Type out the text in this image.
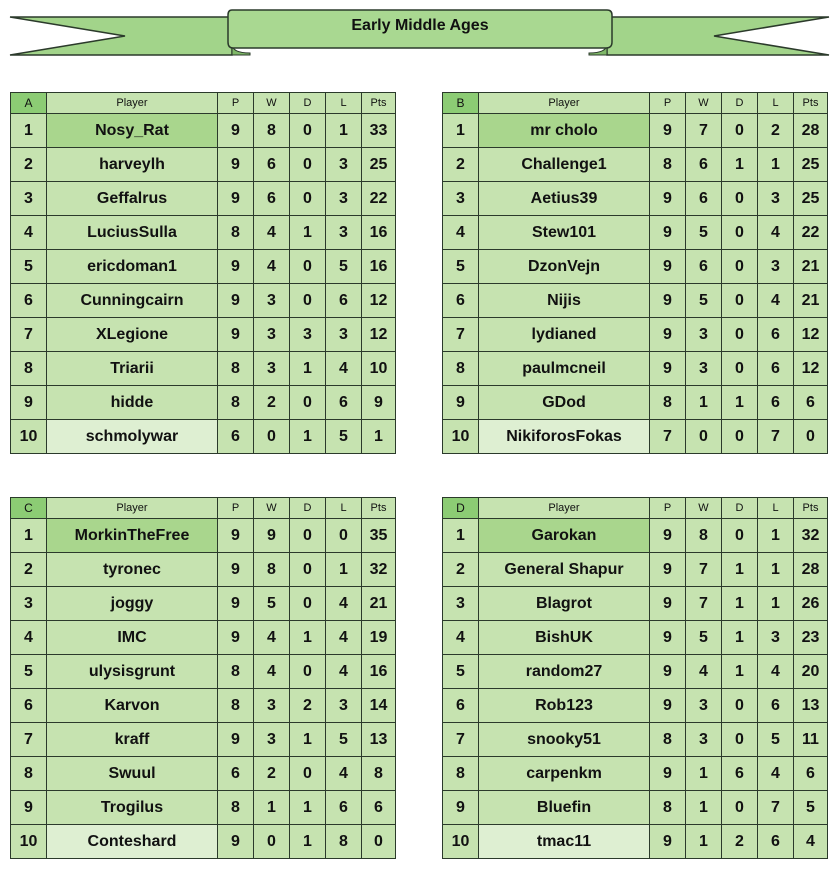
Early Middle Ages
A	Player	P	W	D	L	Pts
1	Nosy_Rat	9	8	0	1	33
2	harveylh	9	6	0	3	25
3	Geffalrus	9	6	0	3	22
4	LuciusSulla	8	4	1	3	16
5	ericdoman1	9	4	0	5	16
6	Cunningcairn	9	3	0	6	12
7	XLegione	9	3	3	3	12
8	Triarii	8	3	1	4	10
9	hidde	8	2	0	6	9
10	schmolywar	6	0	1	5	1
B	Player	P	W	D	L	Pts
1	mr cholo	9	7	0	2	28
2	Challenge1	8	6	1	1	25
3	Aetius39	9	6	0	3	25
4	Stew101	9	5	0	4	22
5	DzonVejn	9	6	0	3	21
6	Nijis	9	5	0	4	21
7	lydianed	9	3	0	6	12
8	paulmcneil	9	3	0	6	12
9	GDod	8	1	1	6	6
10	NikiforosFokas	7	0	0	7	0
C	Player	P	W	D	L	Pts
1	MorkinTheFree	9	9	0	0	35
2	tyronec	9	8	0	1	32
3	joggy	9	5	0	4	21
4	IMC	9	4	1	4	19
5	ulysisgrunt	8	4	0	4	16
6	Karvon	8	3	2	3	14
7	kraff	9	3	1	5	13
8	Swuul	6	2	0	4	8
9	Trogilus	8	1	1	6	6
10	Conteshard	9	0	1	8	0
D	Player	P	W	D	L	Pts
1	Garokan	9	8	0	1	32
2	General Shapur	9	7	1	1	28
3	Blagrot	9	7	1	1	26
4	BishUK	9	5	1	3	23
5	random27	9	4	1	4	20
6	Rob123	9	3	0	6	13
7	snooky51	8	3	0	5	11
8	carpenkm	9	1	6	4	6
9	Bluefin	8	1	0	7	5
10	tmac11	9	1	2	6	4
